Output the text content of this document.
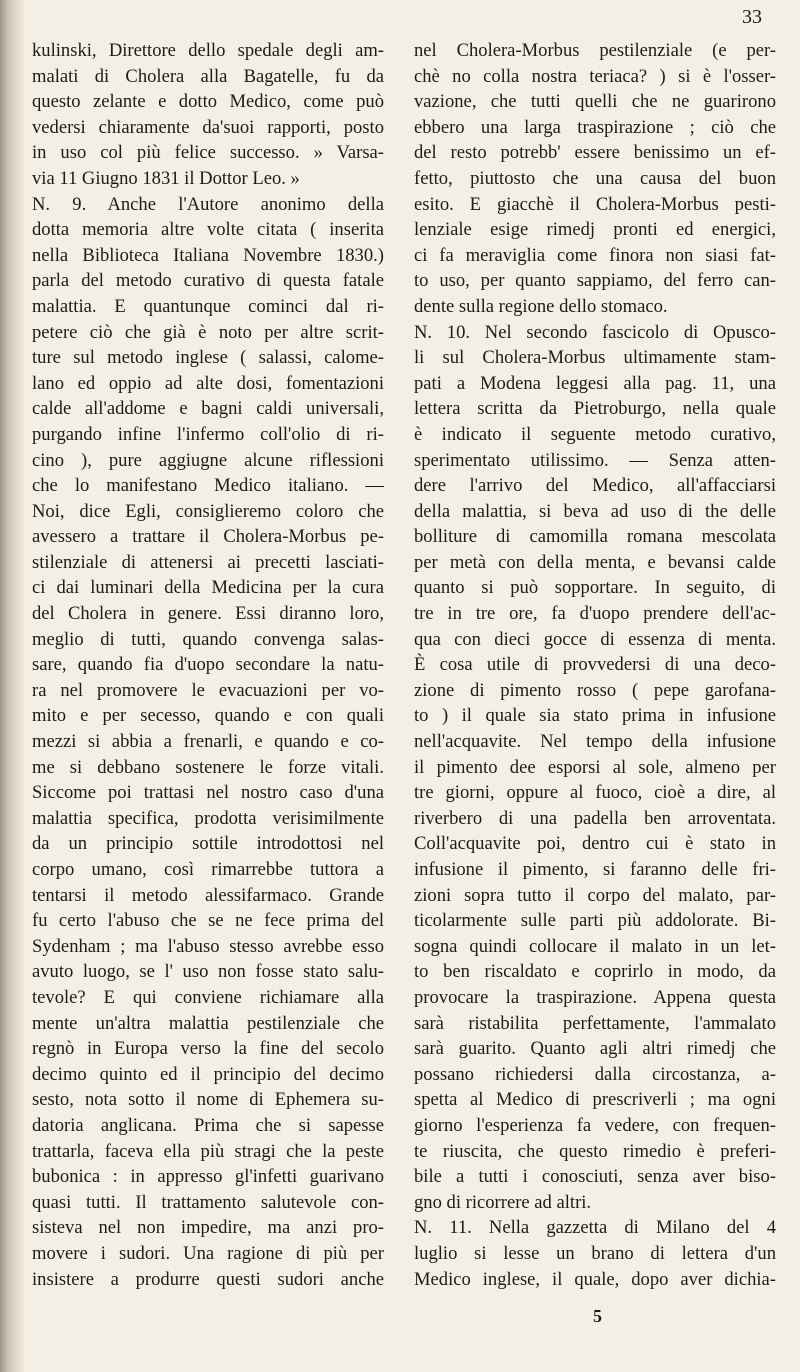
33
kulinski, Direttore dello spedale degli am-
malati di Cholera alla Bagatelle, fu da
questo zelante e dotto Medico, come può
vedersi chiaramente da'suoi rapporti, posto
in uso col più felice successo. » Varsa-
via 11 Giugno 1831 il Dottor Leo. »
N. 9. Anche l'Autore anonimo della
dotta memoria altre volte citata ( inserita
nella Biblioteca Italiana Novembre 1830.)
parla del metodo curativo di questa fatale
malattia. E quantunque cominci dal ri-
petere ciò che già è noto per altre scrit-
ture sul metodo inglese ( salassi, calome-
lano ed oppio ad alte dosi, fomentazioni
calde all'addome e bagni caldi universali,
purgando infine l'infermo coll'olio di ri-
cino ), pure aggiugne alcune riflessioni
che lo manifestano Medico italiano. —
Noi, dice Egli, consiglieremo coloro che
avessero a trattare il Cholera-Morbus pe-
stilenziale di attenersi ai precetti lasciati-
ci dai luminari della Medicina per la cura
del Cholera in genere. Essi diranno loro,
meglio di tutti, quando convenga salas-
sare, quando fia d'uopo secondare la natu-
ra nel promovere le evacuazioni per vo-
mito e per secesso, quando e con quali
mezzi si abbia a frenarli, e quando e co-
me si debbano sostenere le forze vitali.
Siccome poi trattasi nel nostro caso d'una
malattia specifica, prodotta verisimilmente
da un principio sottile introdottosi nel
corpo umano, così rimarrebbe tuttora a
tentarsi il metodo alessifarmaco. Grande
fu certo l'abuso che se ne fece prima del
Sydenham ; ma l'abuso stesso avrebbe esso
avuto luogo, se l' uso non fosse stato salu-
tevole? E qui conviene richiamare alla
mente un'altra malattia pestilenziale che
regnò in Europa verso la fine del secolo
decimo quinto ed il principio del decimo
sesto, nota sotto il nome di Ephemera su-
datoria anglicana. Prima che si sapesse
trattarla, faceva ella più stragi che la peste
bubonica : in appresso gl'infetti guarivano
quasi tutti. Il trattamento salutevole con-
sisteva nel non impedire, ma anzi pro-
movere i sudori. Una ragione di più per
insistere a produrre questi sudori anche
nel Cholera-Morbus pestilenziale (e per-
chè no colla nostra teriaca? ) si è l'osser-
vazione, che tutti quelli che ne guarirono
ebbero una larga traspirazione ; ciò che
del resto potrebb' essere benissimo un ef-
fetto, piuttosto che una causa del buon
esito. E giacchè il Cholera-Morbus pesti-
lenziale esige rimedj pronti ed energici,
ci fa meraviglia come finora non siasi fat-
to uso, per quanto sappiamo, del ferro can-
dente sulla regione dello stomaco.
N. 10. Nel secondo fascicolo di Opusco-
li sul Cholera-Morbus ultimamente stam-
pati a Modena leggesi alla pag. 11, una
lettera scritta da Pietroburgo, nella quale
è indicato il seguente metodo curativo,
sperimentato utilissimo. — Senza atten-
dere l'arrivo del Medico, all'affacciarsi
della malattia, si beva ad uso di the delle
bolliture di camomilla romana mescolata
per metà con della menta, e bevansi calde
quanto si può sopportare. In seguito, di
tre in tre ore, fa d'uopo prendere dell'ac-
qua con dieci gocce di essenza di menta.
È cosa utile di provvedersi di una deco-
zione di pimento rosso ( pepe garofana-
to ) il quale sia stato prima in infusione
nell'acquavite. Nel tempo della infusione
il pimento dee esporsi al sole, almeno per
tre giorni, oppure al fuoco, cioè a dire, al
riverbero di una padella ben arroventata.
Coll'acquavite poi, dentro cui è stato in
infusione il pimento, si faranno delle fri-
zioni sopra tutto il corpo del malato, par-
ticolarmente sulle parti più addolorate. Bi-
sogna quindi collocare il malato in un let-
to ben riscaldato e coprirlo in modo, da
provocare la traspirazione. Appena questa
sarà ristabilita perfettamente, l'ammalato
sarà guarito. Quanto agli altri rimedj che
possano richiedersi dalla circostanza, a-
spetta al Medico di prescriverli ; ma ogni
giorno l'esperienza fa vedere, con frequen-
te riuscita, che questo rimedio è preferi-
bile a tutti i conosciuti, senza aver biso-
gno di ricorrere ad altri.
N. 11. Nella gazzetta di Milano del 4
luglio si lesse un brano di lettera d'un
Medico inglese, il quale, dopo aver dichia-
5
